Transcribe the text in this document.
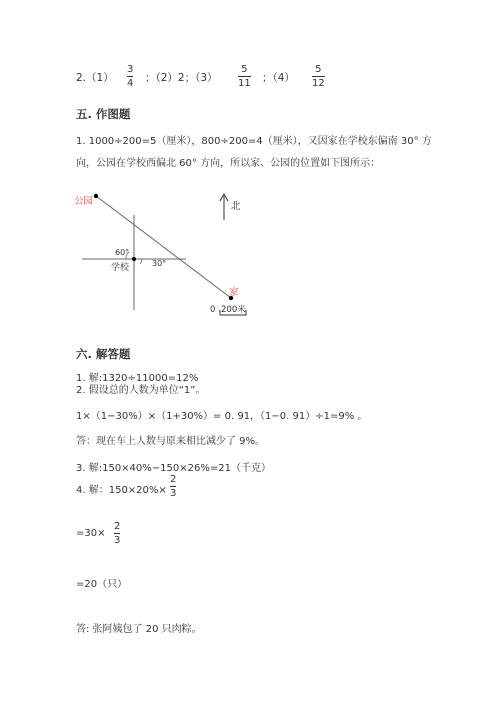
2.（1）
3
4 ；（2）2；（3）
5
11 ；（4）
5
12
五. 作图题
1. 1000÷200=5（厘米），800÷200=4（厘米），又因家在学校东偏南 30° 方
向，公园在学校西偏北 60° 方向，所以家、公园的位置如下图所示：
公园	北
60°
30°
学校
家
0 200米
六. 解答题
1. 解:1320÷11000=12%
2. 假设总的人数为单位“1”。
1×（1−30%）×（1+30%）= 0. 91，（1−0. 91）÷1=9% 。
答：现在车上人数与原来相比减少了 9%。
3. 解:150×40%−150×26%=21（千克）
4. 解：150×20%×
2
3
=30×
2
3
=20（只）
答: 张阿姨包了 20 只肉粽。
